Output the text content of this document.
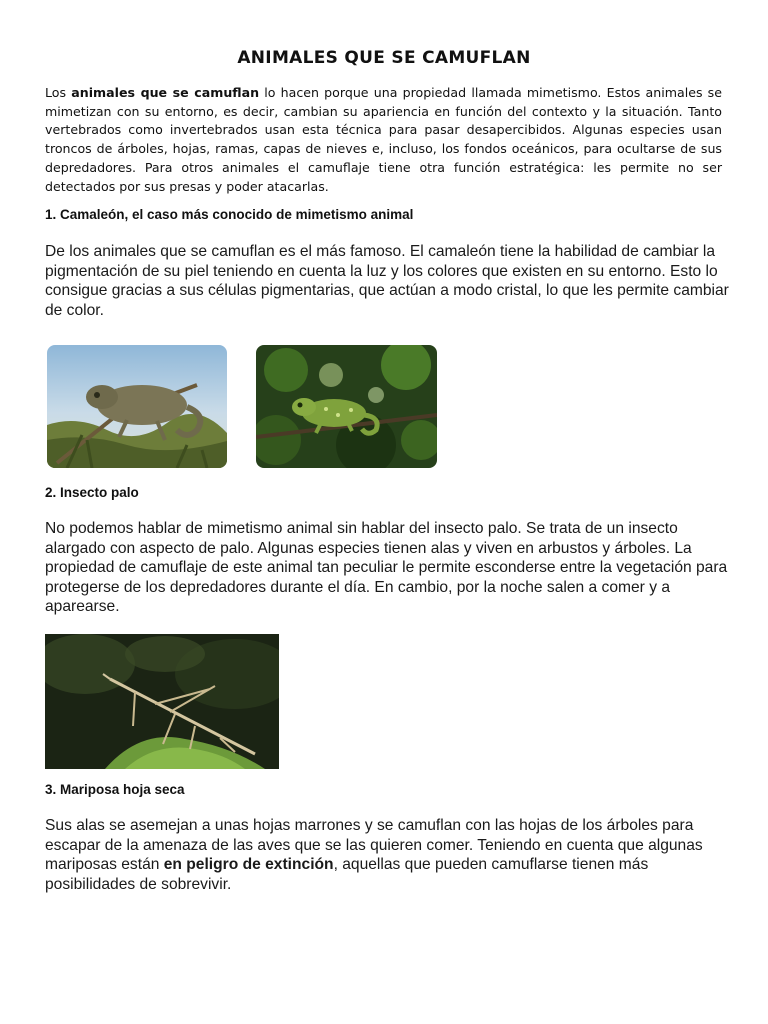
ANIMALES QUE SE CAMUFLAN

Los animales que se camuflan lo hacen porque una propiedad llamada mimetismo. Estos animales se mimetizan con su entorno, es decir, cambian su apariencia en función del contexto y la situación. Tanto vertebrados como invertebrados usan esta técnica para pasar desapercibidos. Algunas especies usan troncos de árboles, hojas, ramas, capas de nieves e, incluso, los fondos oceánicos, para ocultarse de sus depredadores. Para otros animales el camuflaje tiene otra función estratégica: les permite no ser detectados por sus presas y poder atacarlas.

1. Camaleón, el caso más conocido de mimetismo animal

De los animales que se camuflan es el más famoso. El camaleón tiene la habilidad de cambiar la pigmentación de su piel teniendo en cuenta la luz y los colores que existen en su entorno. Esto lo consigue gracias a sus células pigmentarias, que actúan a modo cristal, lo que les permite cambiar de color.

2. Insecto palo

No podemos hablar de mimetismo animal sin hablar del insecto palo. Se trata de un insecto alargado con aspecto de palo. Algunas especies tienen alas y viven en arbustos y árboles. La propiedad de camuflaje de este animal tan peculiar le permite esconderse entre la vegetación para protegerse de los depredadores durante el día. En cambio, por la noche salen a comer y a aparearse.

3. Mariposa hoja seca

Sus alas se asemejan a unas hojas marrones y se camuflan con las hojas de los árboles para escapar de la amenaza de las aves que se las quieren comer. Teniendo en cuenta que algunas mariposas están en peligro de extinción, aquellas que pueden camuflarse tienen más posibilidades de sobrevivir.
